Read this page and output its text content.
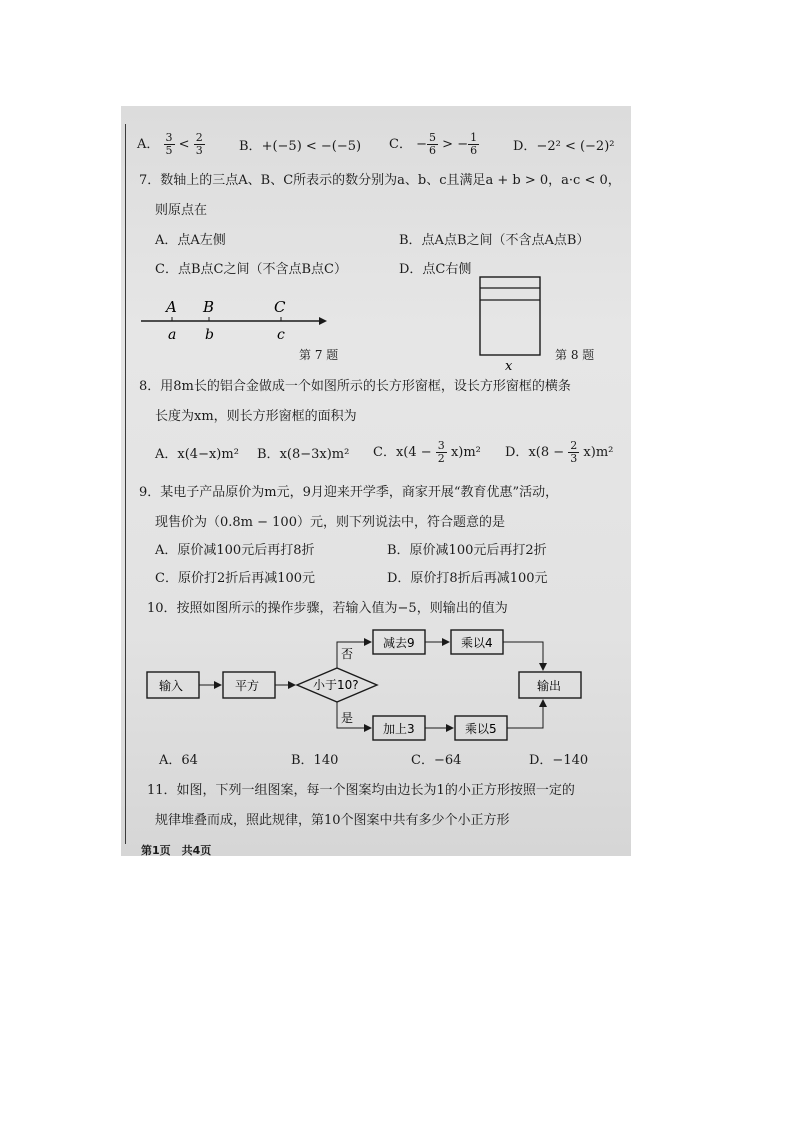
A． $\frac{3}{5} < \frac{2}{3}$	B．+(−5) < −(−5) C． − $\frac{5}{6}$ > − $\frac{1}{6}$	D．−2² < (−2)²
7．数轴上的三点A、B、C所表示的数分别为a、b、c且满足a + b > 0，a·c < 0，
则原点在
A．点A左侧	B．点A点B之间（不含点A点B）
C．点B点C之间（不含点B点C）	D．点C右侧
A B	C
a b	c
第 7 题
x
第 8 题
8．用8m长的铝合金做成一个如图所示的长方形窗框，设长方形窗框的横条
长度为xm，则长方形窗框的面积为
A．x(4−x)m² B．x(8−3x)m² C．$x(4 - \frac{3}{2} x)m^2$ D．$x(8 - \frac{2}{3} x)m^2$
9．某电子产品原价为m元，9月迎来开学季，商家开展“教育优惠”活动，
现售价为（0.8m − 100）元，则下列说法中，符合题意的是
A．原价减100元后再打8折	B．原价减100元后再打2折
C．原价打2折后再减100元	D．原价打8折后再减100元
10．按照如图所示的操作步骤，若输入值为−5，则输出的值为
输入	平方	小于10?
否
减去9	乘以4
是
加上3	乘以5
输出
A．64	B．140	C．−64	D．−140
11．如图，下列一组图案，每一个图案均由边长为1的小正方形按照一定的
规律堆叠而成，照此规律，第10个图案中共有多少个小正方形
第1页　共4页
